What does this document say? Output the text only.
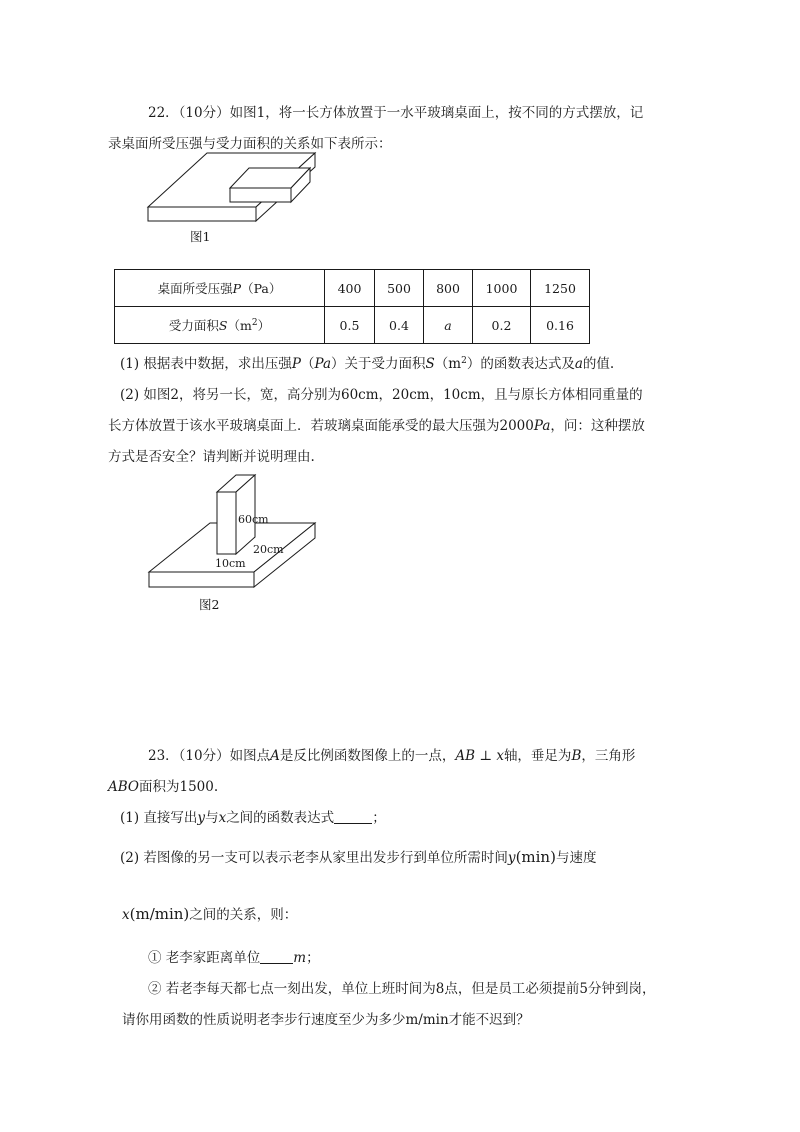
22．（10分）如图1，将一长方体放置于一水平玻璃桌面上，按不同的方式摆放，记
录桌面所受压强与受力面积的关系如下表所示：
图1
桌面所受压强P（Pa）	400	500	800	1000	1250
受力面积$S(m^2)$	0.5	0.4	a	0.2	0.16
(1) 根据表中数据，求出压强P（Pa）关于受力面积$S(m^2)$的函数表达式及a的值.
(2) 如图2，将另一长，宽，高分别为60cm，20cm，10cm，且与原长方体相同重量的
长方体放置于该水平玻璃桌面上．若玻璃桌面能承受的最大压强为2000Pa，问：这种摆放
方式是否安全？请判断并说明理由.
60cm
20cm
10cm
图2
23．（10分）如图点A是反比例函数图像上的一点，AB ⊥ x轴，垂足为B，三角形
ABO面积为1500.
(1) 直接写出y与x之间的函数表达式	；
(2) 若图像的另一支可以表示老李从家里出发步行到单位所需时间y(min)与速度
x(m/min)之间的关系，则：
① 老李家距离单位 m；
② 若老李每天都七点一刻出发，单位上班时间为8点，但是员工必须提前5分钟到岗，
请你用函数的性质说明老李步行速度至少为多少m/min才能不迟到？
